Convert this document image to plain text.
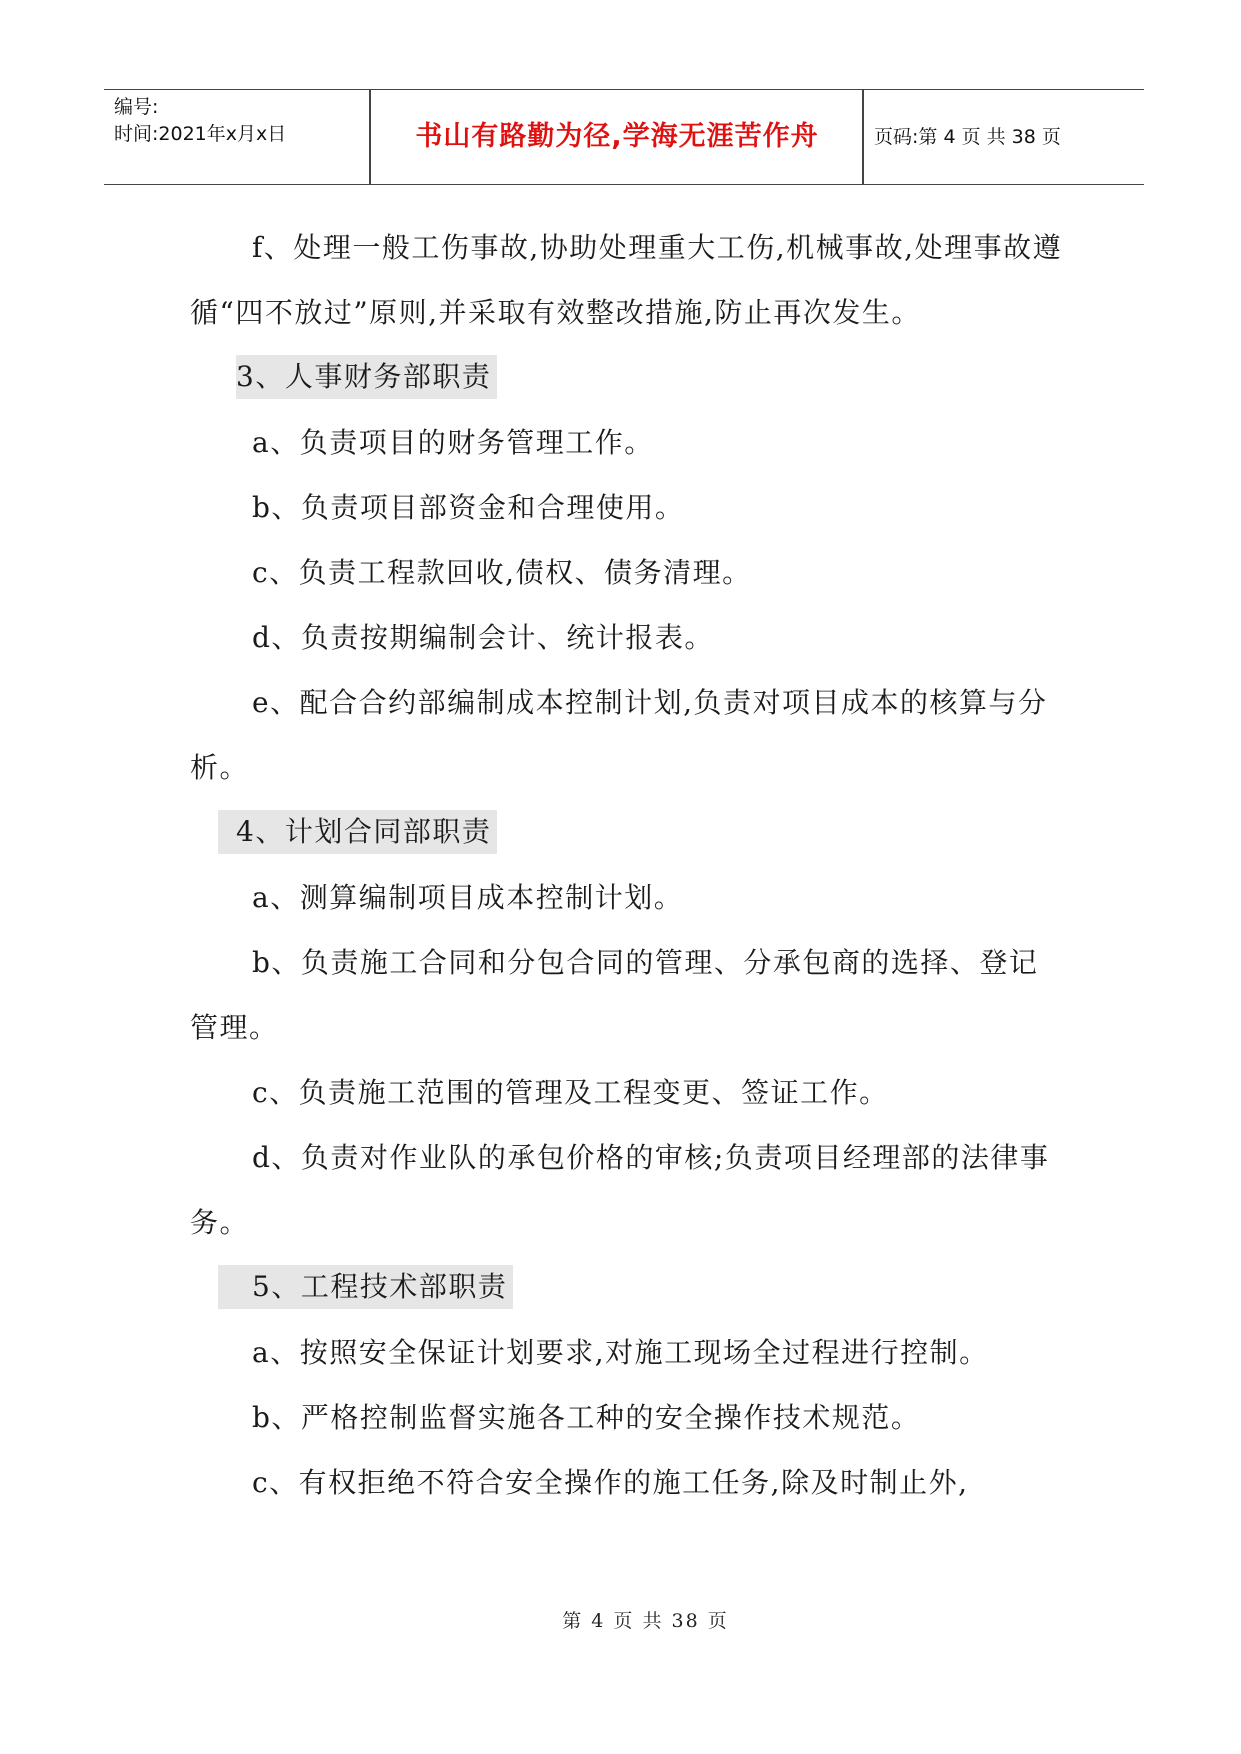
编号:
时间:2021年x月x日	书山有路勤为径,学海无涯苦作舟	页码:第 4 页 共 38 页

f、处理一般工伤事故,协助处理重大工伤,机械事故,处理事故遵循“四不放过”原则,并采取有效整改措施,防止再次发生。

3、人事财务部职责

a、负责项目的财务管理工作。

b、负责项目部资金和合理使用。

c、负责工程款回收,债权、债务清理。

d、负责按期编制会计、统计报表。

e、配合合约部编制成本控制计划,负责对项目成本的核算与分析。

4、计划合同部职责

a、测算编制项目成本控制计划。

b、负责施工合同和分包合同的管理、分承包商的选择、登记管理。

c、负责施工范围的管理及工程变更、签证工作。

d、负责对作业队的承包价格的审核;负责项目经理部的法律事务。

5、工程技术部职责

a、按照安全保证计划要求,对施工现场全过程进行控制。

b、严格控制监督实施各工种的安全操作技术规范。

c、有权拒绝不符合安全操作的施工任务,除及时制止外,

第 4 页 共 38 页
